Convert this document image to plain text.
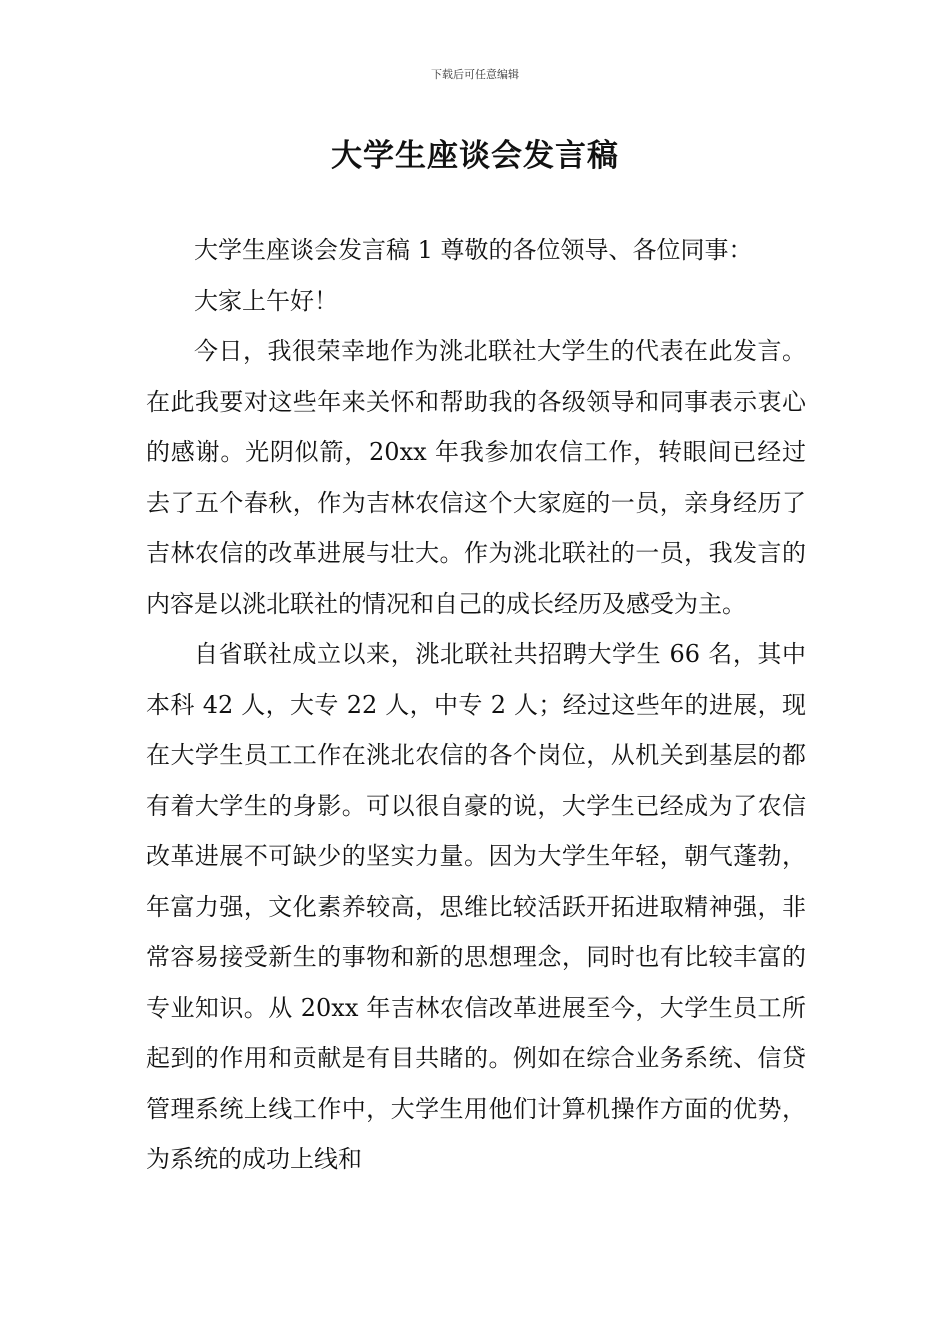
下载后可任意编辑
大学生座谈会发言稿

大学生座谈会发言稿 1 尊敬的各位领导、各位同事：

大家上午好！

今日，我很荣幸地作为洮北联社大学生的代表在此发言。在此我要对这些年来关怀和帮助我的各级领导和同事表示衷心的感谢。光阴似箭，20xx 年我参加农信工作，转眼间已经过去了五个春秋，作为吉林农信这个大家庭的一员，亲身经历了吉林农信的改革进展与壮大。作为洮北联社的一员，我发言的内容是以洮北联社的情况和自己的成长经历及感受为主。

自省联社成立以来，洮北联社共招聘大学生 66 名，其中本科 42 人，大专 22 人，中专 2 人；经过这些年的进展，现在大学生员工工作在洮北农信的各个岗位，从机关到基层的都有着大学生的身影。可以很自豪的说，大学生已经成为了农信改革进展不可缺少的坚实力量。因为大学生年轻，朝气蓬勃，年富力强，文化素养较高，思维比较活跃开拓进取精神强，非常容易接受新生的事物和新的思想理念，同时也有比较丰富的专业知识。从 20xx 年吉林农信改革进展至今，大学生员工所起到的作用和贡献是有目共睹的。例如在综合业务系统、信贷管理系统上线工作中，大学生用他们计算机操作方面的优势，为系统的成功上线和
